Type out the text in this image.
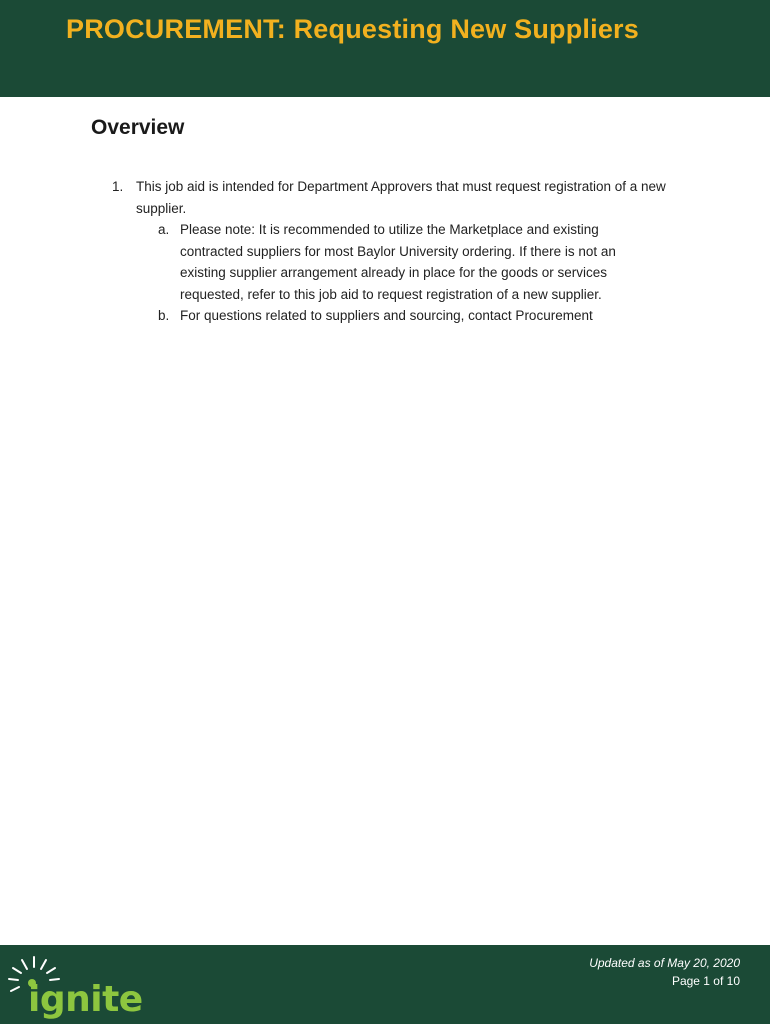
PROCUREMENT: Requesting New Suppliers
Overview
1. This job aid is intended for Department Approvers that must request registration of a new supplier.
a. Please note: It is recommended to utilize the Marketplace and existing contracted suppliers for most Baylor University ordering. If there is not an existing supplier arrangement already in place for the goods or services requested, refer to this job aid to request registration of a new supplier.
b. For questions related to suppliers and sourcing, contact Procurement

ignite

Updated as of May 20, 2020
Page 1 of 10
